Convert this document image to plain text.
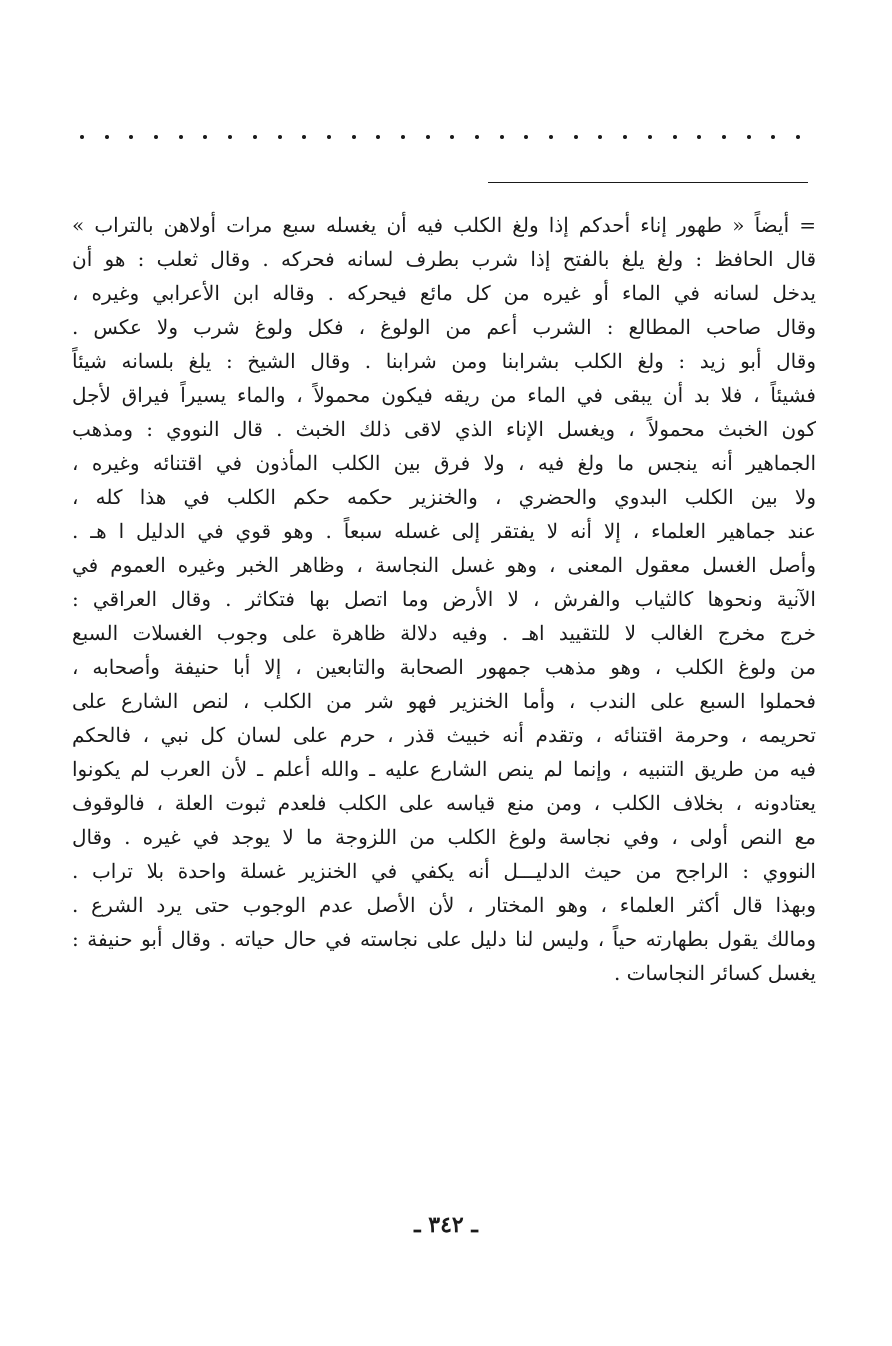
= أيضاً « طهور إناء أحدكم إذا ولغ الكلب فيه أن يغسله سبع مرات أولاهن بالتراب »
قال الحافظ : ولغ يلغ بالفتح إذا شرب بطرف لسانه فحركه . وقال ثعلب : هو أن
يدخل لسانه في الماء أو غيره من كل مائع فيحركه . وقاله ابن الأعرابي وغيره ،
وقال صاحب المطالع : الشرب أعم من الولوغ ، فكل ولوغ شرب ولا عكس .
وقال أبو زيد : ولغ الكلب بشرابنا ومن شرابنا . وقال الشيخ : يلغ بلسانه شيئاً
فشيئاً ، فلا بد أن يبقى في الماء من ريقه فيكون محمولاً ، والماء يسيراً فيراق لأجل
كون الخبث محمولاً ، ويغسل الإناء الذي لاقى ذلك الخبث . قال النووي : ومذهب
الجماهير أنه ينجس ما ولغ فيه ، ولا فرق بين الكلب المأذون في اقتنائه وغيره ،
ولا بين الكلب البدوي والحضري ، والخنزير حكمه حكم الكلب في هذا كله ،
عند جماهير العلماء ، إلا أنه لا يفتقر إلى غسله سبعاً . وهو قوي في الدليل ا هـ .
وأصل الغسل معقول المعنى ، وهو غسل النجاسة ، وظاهر الخبر وغيره العموم في
الآنية ونحوها كالثياب والفرش ، لا الأرض وما اتصل بها فتكاثر . وقال العراقي :
خرج مخرج الغالب لا للتقييد اهـ . وفيه دلالة ظاهرة على وجوب الغسلات السبع
من ولوغ الكلب ، وهو مذهب جمهور الصحابة والتابعين ، إلا أبا حنيفة وأصحابه ،
فحملوا السبع على الندب ، وأما الخنزير فهو شر من الكلب ، لنص الشارع على
تحريمه ، وحرمة اقتنائه ، وتقدم أنه خبيث قذر ، حرم على لسان كل نبي ، فالحكم
فيه من طريق التنبيه ، وإنما لم ينص الشارع عليه ـ والله أعلم ـ لأن العرب لم يكونوا
يعتادونه ، بخلاف الكلب ، ومن منع قياسه على الكلب فلعدم ثبوت العلة ، فالوقوف
مع النص أولى ، وفي نجاسة ولوغ الكلب من اللزوجة ما لا يوجد في غيره . وقال
النووي : الراجح من حيث الدليـــل أنه يكفي في الخنزير غسلة واحدة بلا تراب .
وبهذا قال أكثر العلماء ، وهو المختار ، لأن الأصل عدم الوجوب حتى يرد الشرع .
ومالك يقول بطهارته حياً ، وليس لنا دليل على نجاسته في حال حياته . وقال أبو حنيفة :
يغسل كسائر النجاسات .
ـ ٣٤٢ ـ
